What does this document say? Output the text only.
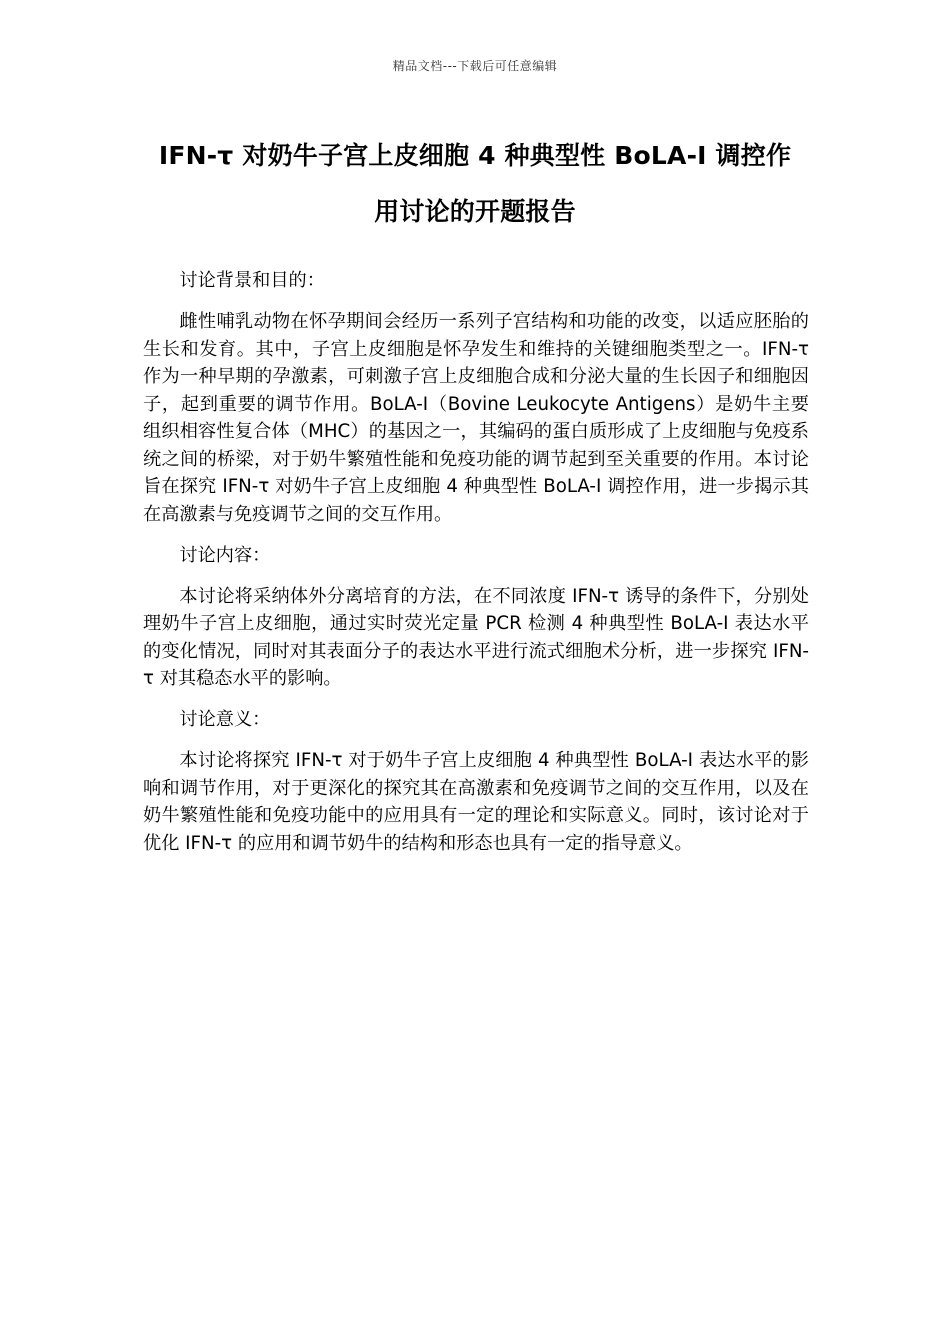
精品文档---下载后可任意编辑
IFN-τ 对奶牛子宫上皮细胞 4 种典型性 BoLA-I 调控作
用讨论的开题报告

讨论背景和目的：

雌性哺乳动物在怀孕期间会经历一系列子宫结构和功能的改变，以适应胚胎的生长和发育。其中，子宫上皮细胞是怀孕发生和维持的关键细胞类型之一。IFN-τ 作为一种早期的孕激素，可刺激子宫上皮细胞合成和分泌大量的生长因子和细胞因子，起到重要的调节作用。BoLA-I（Bovine Leukocyte Antigens）是奶牛主要组织相容性复合体（MHC）的基因之一，其编码的蛋白质形成了上皮细胞与免疫系统之间的桥梁，对于奶牛繁殖性能和免疫功能的调节起到至关重要的作用。本讨论旨在探究 IFN-τ 对奶牛子宫上皮细胞 4 种典型性 BoLA-I 调控作用，进一步揭示其在高激素与免疫调节之间的交互作用。

讨论内容：

本讨论将采纳体外分离培育的方法，在不同浓度 IFN-τ 诱导的条件下，分别处理奶牛子宫上皮细胞，通过实时荧光定量 PCR 检测 4 种典型性 BoLA-I 表达水平的变化情况，同时对其表面分子的表达水平进行流式细胞术分析，进一步探究 IFN-τ 对其稳态水平的影响。

讨论意义：

本讨论将探究 IFN-τ 对于奶牛子宫上皮细胞 4 种典型性 BoLA-I 表达水平的影响和调节作用，对于更深化的探究其在高激素和免疫调节之间的交互作用，以及在奶牛繁殖性能和免疫功能中的应用具有一定的理论和实际意义。同时，该讨论对于优化 IFN-τ 的应用和调节奶牛的结构和形态也具有一定的指导意义。
